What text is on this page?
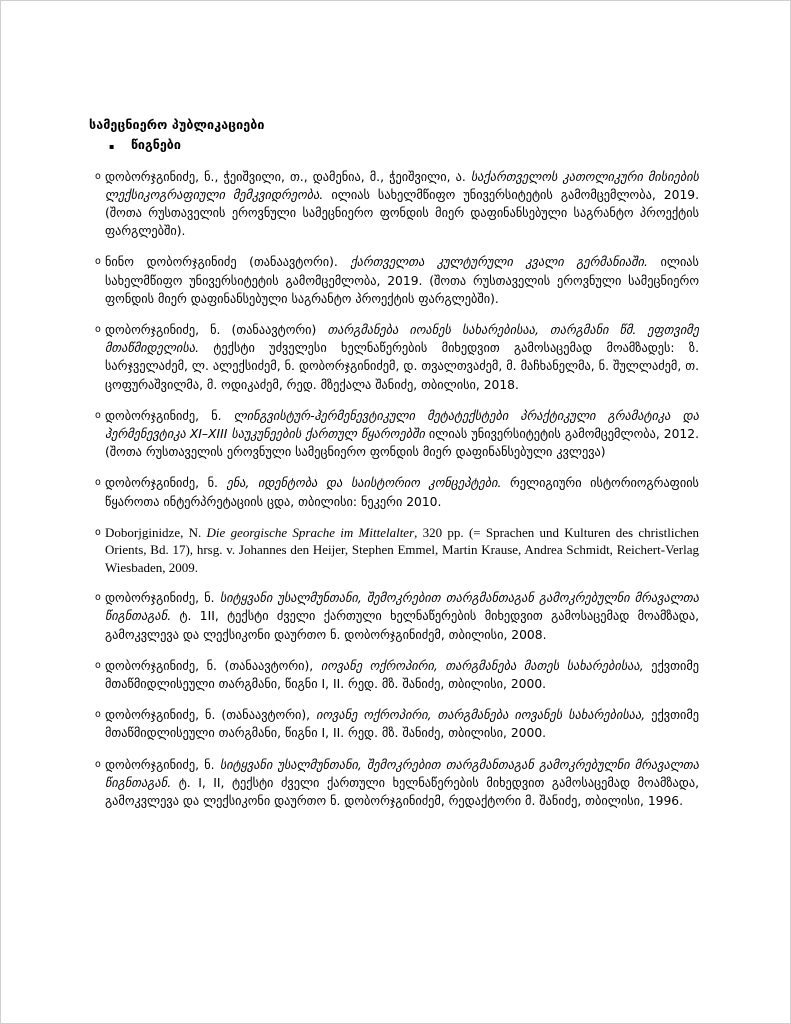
სამეცნიერო პუბლიკაციები
▪	წიგნები
o დობორჯგინიძე, ნ., ჭეიშვილი, თ., დამენია, მ., ჭეიშვილი, ა. საქართველოს კათოლიკური მისიების ლექსიკოგრაფიული მემკვიდრეობა. ილიას სახელმწიფო უნივერსიტეტის გამომცემლობა, 2019. (შოთა რუსთაველის ეროვნული სამეცნიერო ფონდის მიერ დაფინანსებული საგრანტო პროექტის ფარგლებში).
o ნინო დობორჯგინიძე (თანაავტორი). ქართველთა კულტურული კვალი გერმანიაში. ილიას სახელმწიფო უნივერსიტეტის გამომცემლობა, 2019. (შოთა რუსთაველის ეროვნული სამეცნიერო ფონდის მიერ დაფინანსებული საგრანტო პროექტის ფარგლებში).
o დობორჯგინიძე, ნ. (თანაავტორი) თარგმანება იოანეს სახარებისაა, თარგმანი წმ. ეფთვიმე მთაწმიდელისა. ტექსტი უძველესი ხელნაწერების მიხედვით გამოსაცემად მოამზადეს: ზ. სარჯველაძემ, ლ. ალექსიძემ, ნ. დობორჯგინიძემ, დ. თვალთვაძემ, მ. მაჩხანელმა, ნ. შულლაძემ, თ. ცოფურაშვილმა, მ. ოდიკაძემ, რედ. მზექალა შანიძე, თბილისი, 2018.
o დობორჯგინიძე, ნ. ლინგვისტურ-ჰერმენევტიკული მეტატექსტები პრაქტიკული გრამატიკა და ჰერმენევტიკა XI–XIII საუკუნეების ქართულ წყაროებში ილიას უნივერსიტეტის გამომცემლობა, 2012. (შოთა რუსთაველის ეროვნული სამეცნიერო ფონდის მიერ დაფინანსებული კვლევა)
o დობორჯგინიძე, ნ. ენა, იდენტობა და საისტორიო კონცეპტები. რელიგიური ისტორიოგრაფიის წყაროთა ინტერპრეტაციის ცდა, თბილისი: ნეკერი 2010.
o Doborjginidze, N. Die georgische Sprache im Mittelalter, 320 pp. (= Sprachen und Kulturen des christlichen Orients, Bd. 17), hrsg. v. Johannes den Heijer, Stephen Emmel, Martin Krause, Andrea Schmidt, Reichert-Verlag Wiesbaden, 2009.
o დობორჯგინიძე, ნ. სიტყვანი უსალმუნთანი, შემოკრებით თარგმანთაგან გამოკრებულნი მრავალთა წიგნთაგან. ტ. 1II, ტექსტი ძველი ქართული ხელნაწერების მიხედვით გამოსაცემად მოამზადა, გამოკვლევა და ლექსიკონი დაურთო ნ. დობორჯგინიძემ, თბილისი, 2008.
o დობორჯგინიძე, ნ. (თანაავტორი), იოვანე ოქროპირი, თარგმანება მათეს სახარებისაა, ექვთიმე მთაწმიდლისეული თარგმანი, წიგნი I, II. რედ. მზ. შანიძე, თბილისი, 2000.
o დობორჯგინიძე, ნ. (თანაავტორი), იოვანე ოქროპირი, თარგმანება იოვანეს სახარებისაა, ექვთიმე მთაწმიდლისეული თარგმანი, წიგნი I, II. რედ. მზ. შანიძე, თბილისი, 2000.
o დობორჯგინიძე, ნ. სიტყვანი უსალმუნთანი, შემოკრებით თარგმანთაგან გამოკრებულნი მრავალთა წიგნთაგან. ტ. I, II, ტექსტი ძველი ქართული ხელნაწერების მიხედვით გამოსაცემად მოამზადა, გამოკვლევა და ლექსიკონი დაურთო ნ. დობორჯგინიძემ, რედაქტორი მ. შანიძე, თბილისი, 1996.
